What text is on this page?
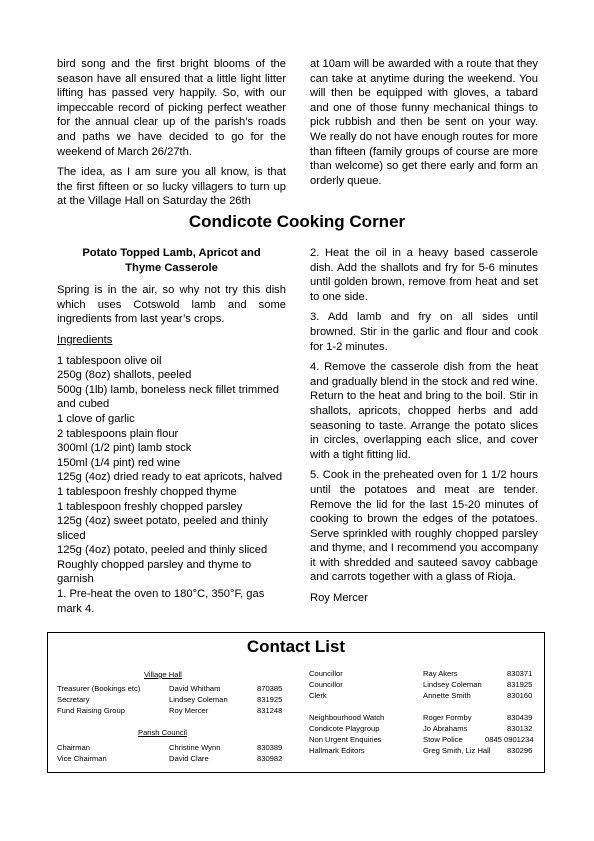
bird song and the first bright blooms of the season have all ensured that a little light litter lifting has passed very happily. So, with our impeccable record of picking perfect weather for the annual clear up of the parish’s roads and paths we have decided to go for the weekend of March 26/27th.

The idea, as I am sure you all know, is that the first fifteen or so lucky villagers to turn up at the Village Hall on Saturday the 26th

at 10am will be awarded with a route that they can take at anytime during the weekend. You will then be equipped with gloves, a tabard and one of those funny mechanical things to pick rubbish and then be sent on your way. We really do not have enough routes for more than fifteen (family groups of course are more than welcome) so get there early and form an orderly queue.

Condicote Cooking Corner
Potato Topped Lamb, Apricot and
Thyme Casserole

Spring is in the air, so why not try this dish which uses Cotswold lamb and some ingredients from last year’s crops.

Ingredients
1 tablespoon olive oil
250g (8oz) shallots, peeled
500g (1lb) lamb, boneless neck fillet trimmed and cubed
1 clove of garlic
2 tablespoons plain flour
300ml (1/2 pint) lamb stock
150ml (1/4 pint) red wine
125g (4oz) dried ready to eat apricots, halved
1 tablespoon freshly chopped thyme
1 tablespoon freshly chopped parsley
125g (4oz) sweet potato, peeled and thinly sliced
125g (4oz) potato, peeled and thinly sliced
Roughly chopped parsley and thyme to garnish

1. Pre-heat the oven to 180°C, 350°F, gas mark 4.

2. Heat the oil in a heavy based casserole dish. Add the shallots and fry for 5-6 minutes until golden brown, remove from heat and set to one side.

3. Add lamb and fry on all sides until browned. Stir in the garlic and flour and cook for 1-2 minutes.

4. Remove the casserole dish from the heat and gradually blend in the stock and red wine. Return to the heat and bring to the boil. Stir in shallots, apricots, chopped herbs and add seasoning to taste. Arrange the potato slices in circles, overlapping each slice, and cover with a tight fitting lid.

5. Cook in the preheated oven for 1 1/2 hours until the potatoes and meat are tender. Remove the lid for the last 15-20 minutes of cooking to brown the edges of the potatoes. Serve sprinkled with roughly chopped parsley and thyme, and I recommend you accompany it with shredded and sauteed savoy cabbage and carrots together with a glass of Rioja.

Roy Mercer

Contact List
Village Hall
Treasurer (Bookings etc)	David Whitham	870385
Secretary	Lindsey Coleman	831925
Fund Raising Group	Roy Mercer	831248
Parish Council
Chairman	Christine Wynn	830389
Vice Chairman	David Clare	830982
Councillor	Ray Akers	830371
Councillor	Lindsey Coleman	831925
Clerk	Annette Smith	830160
Neighbourhood Watch	Roger Formby	830439
Condicote Playgroup	Jo Abrahams	830132
Non Urgent Enquiries	Stow Police	0845 0901234
Hallmark Editors	Greg Smith, Liz Hall 830296
